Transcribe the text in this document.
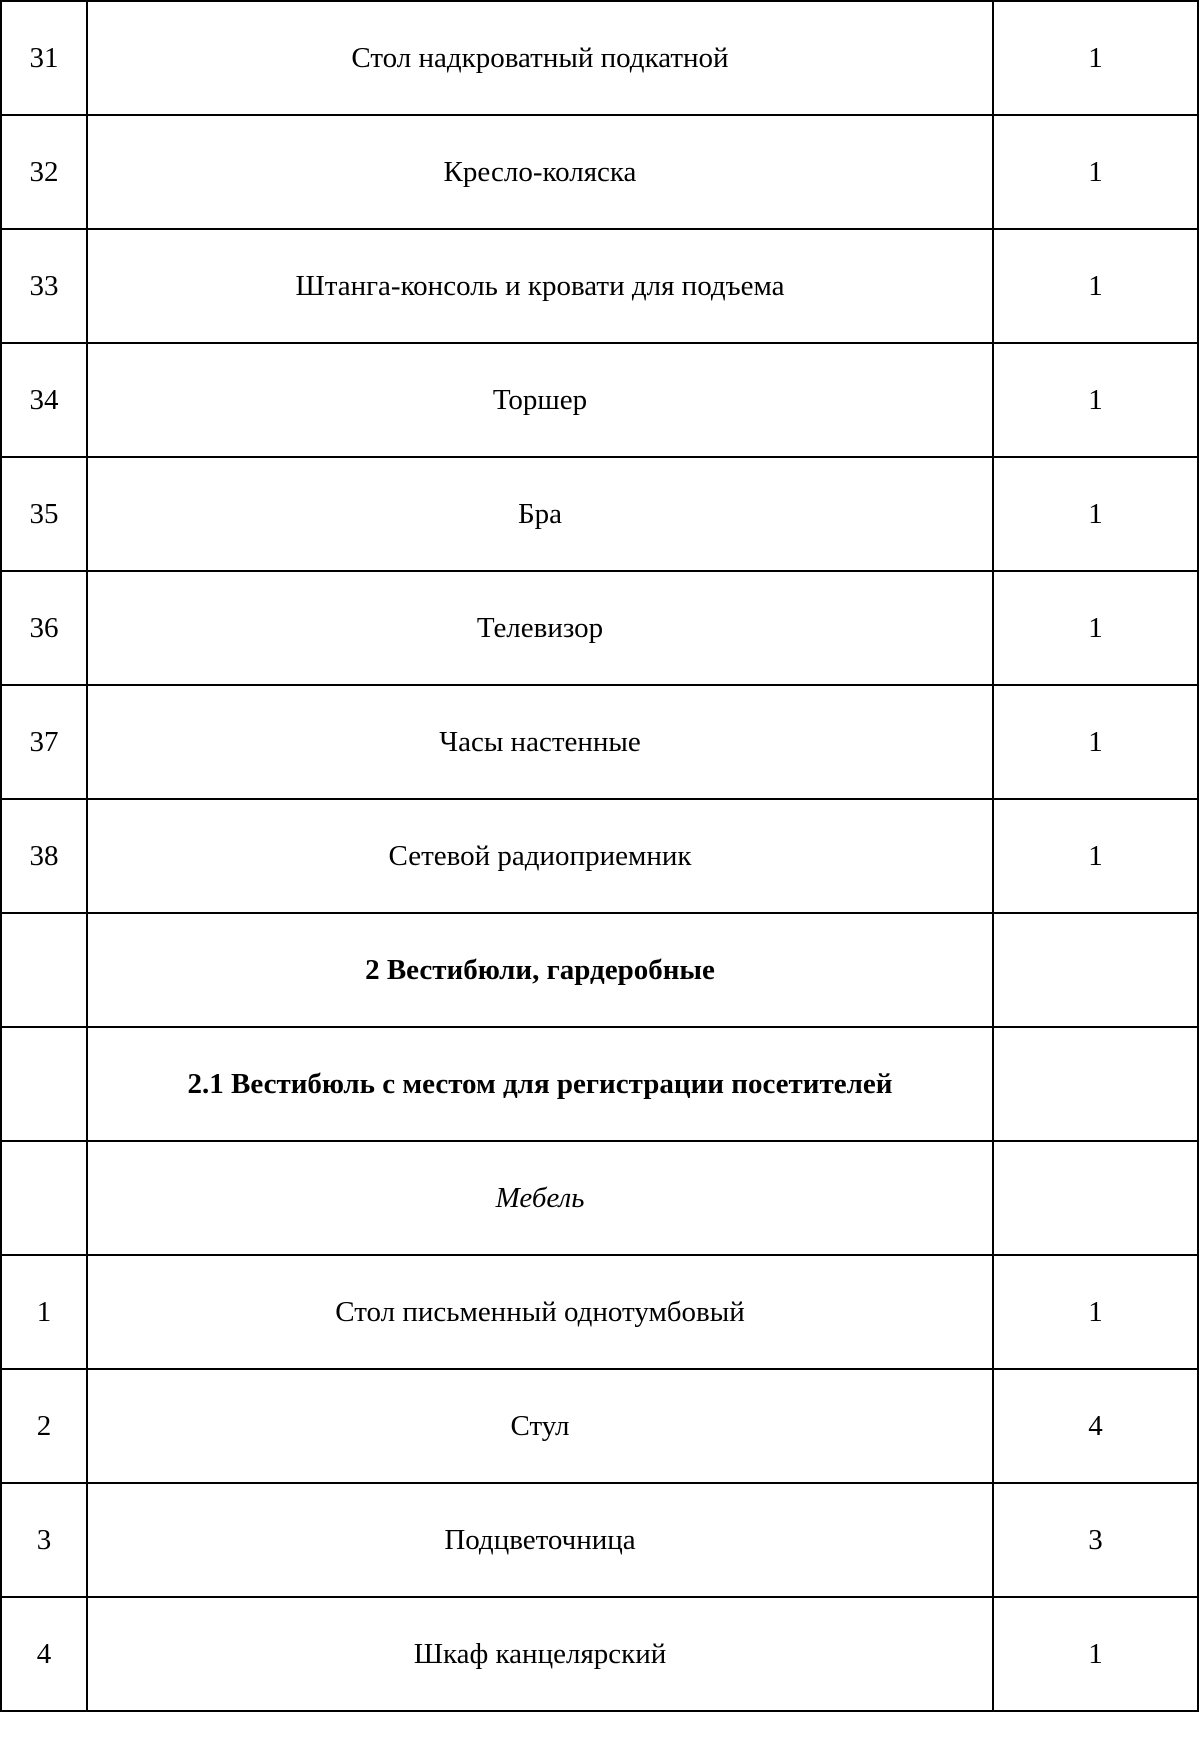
31	Стол надкроватный подкатной	1
32	Кресло-коляска	1
33	Штанга-консоль и кровати для подъема	1
34	Торшер	1
35	Бра	1
36	Телевизор	1
37	Часы настенные	1
38	Сетевой радиоприемник	1
	2 Вестибюли, гардеробные	
	2.1 Вестибюль с местом для регистрации посетителей	
	Мебель	
1	Стол письменный однотумбовый	1
2	Стул	4
3	Подцветочница	3
4	Шкаф канцелярский	1
